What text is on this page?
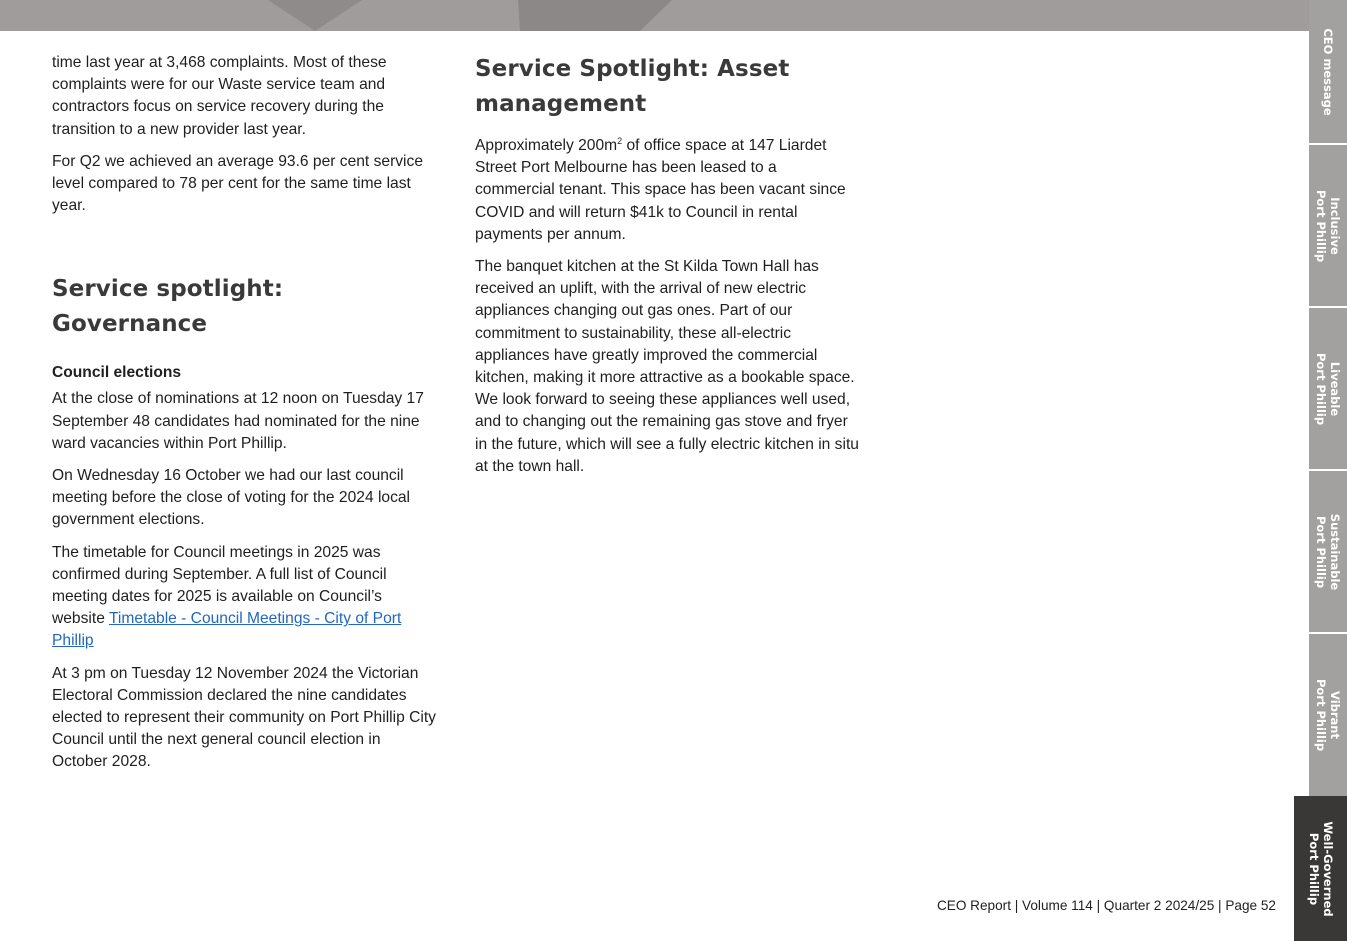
time last year at 3,468 complaints. Most of these complaints were for our Waste service team and contractors focus on service recovery during the transition to a new provider last year.

For Q2 we achieved an average 93.6 per cent service level compared to 78 per cent for the same time last year.

Service spotlight: Governance
Council elections

At the close of nominations at 12 noon on Tuesday 17 September 48 candidates had nominated for the nine ward vacancies within Port Phillip.

On Wednesday 16 October we had our last council meeting before the close of voting for the 2024 local government elections.

The timetable for Council meetings in 2025 was confirmed during September. A full list of Council meeting dates for 2025 is available on Council’s website Timetable - Council Meetings - City of Port Phillip

At 3 pm on Tuesday 12 November 2024 the Victorian Electoral Commission declared the nine candidates elected to represent their community on Port Phillip City Council until the next general council election in October 2028.

Service Spotlight: Asset management

Approximately $200m^2$ of office space at 147 Liardet Street Port Melbourne has been leased to a commercial tenant. This space has been vacant since COVID and will return $41k to Council in rental payments per annum.

The banquet kitchen at the St Kilda Town Hall has received an uplift, with the arrival of new electric appliances changing out gas ones. Part of our commitment to sustainability, these all-electric appliances have greatly improved the commercial kitchen, making it more attractive as a bookable space. We look forward to seeing these appliances well used, and to changing out the remaining gas stove and fryer in the future, which will see a fully electric kitchen in situ at the town hall.

CEO message
Inclusive
Port Phillip
Liveable
Port Phillip
Sustainable
Port Phillip
Vibrant
Port Phillip
Well-Governed
Port Phillip
CEO Report | Volume 114 | Quarter 2 2024/25 | Page 52
